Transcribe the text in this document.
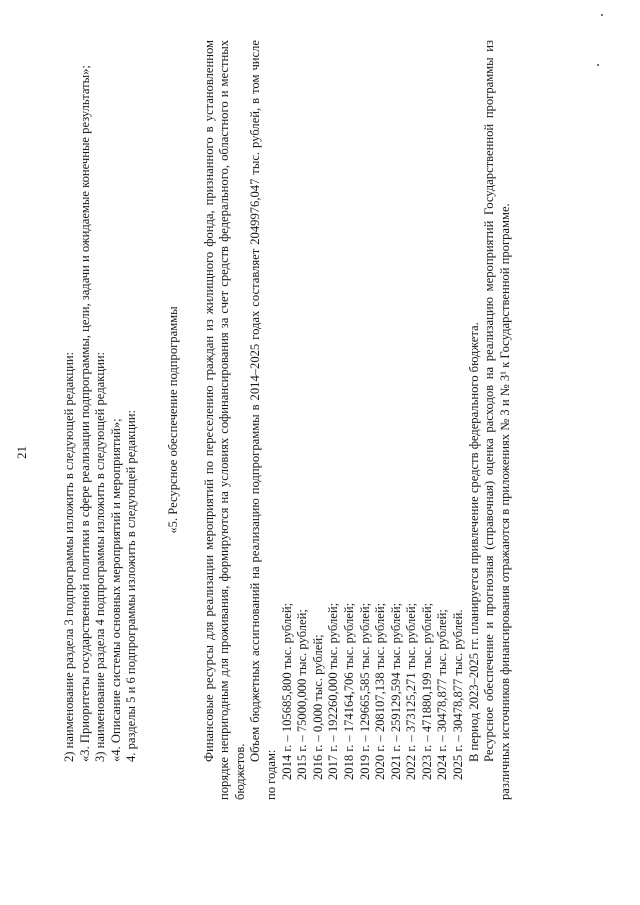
21	2) наименование раздела 3 подпрограммы изложить в следующей редакции: «3. Приоритеты государственной политики в сфере реализации подпрограммы, цели, задачи и ожидаемые конечные результаты»; 3) наименование раздела 4 подпрограммы изложить в следующей редакции: «4. Описание системы основных мероприятий и мероприятий»; 4. разделы 5 и 6 подпрограммы изложить в следующей редакции: «5. Ресурсное обеспечение подпрограммы Финансовые ресурсы для реализации мероприятий по переселению граждан из жилищного фонда, признанного в установленном порядке непригодным для проживания, формируются на условиях софинансирования за счет средств федерального, областного и местных бюджетов.

Объем бюджетных ассигнований на реализацию подпрограммы в 2014–2025 годах составляет 2049976,047 тыс. рублей, в том числе по годам: 2014 г. – 105685,800 тыс. рублей; 2015 г. – 75000,000 тыс. рублей; 2016 г. – 0,000 тыс. рублей; 2017 г. – 192260,000 тыс. рублей; 2018 г. – 174164,706 тыс. рублей; 2019 г. – 129665,585 тыс. рублей; 2020 г. – 208107,138 тыс. рублей; 2021 г. – 259129,594 тыс. рублей; 2022 г. – 373125,271 тыс. рублей; 2023 г. – 471880,199 тыс. рублей; 2024 г. – 30478,877 тыс. рублей; 2025 г. – 30478,877 тыс. рублей. В период 2023–2025 гг. планируется привлечение средств федерального бюджета. Ресурсное обеспечение и прогнозная (справочная) оценка расходов на реализацию мероприятий Государственной программы из различных источников финансирования отражаются в приложениях № 3 и № 3¹ к Государственной программе.
